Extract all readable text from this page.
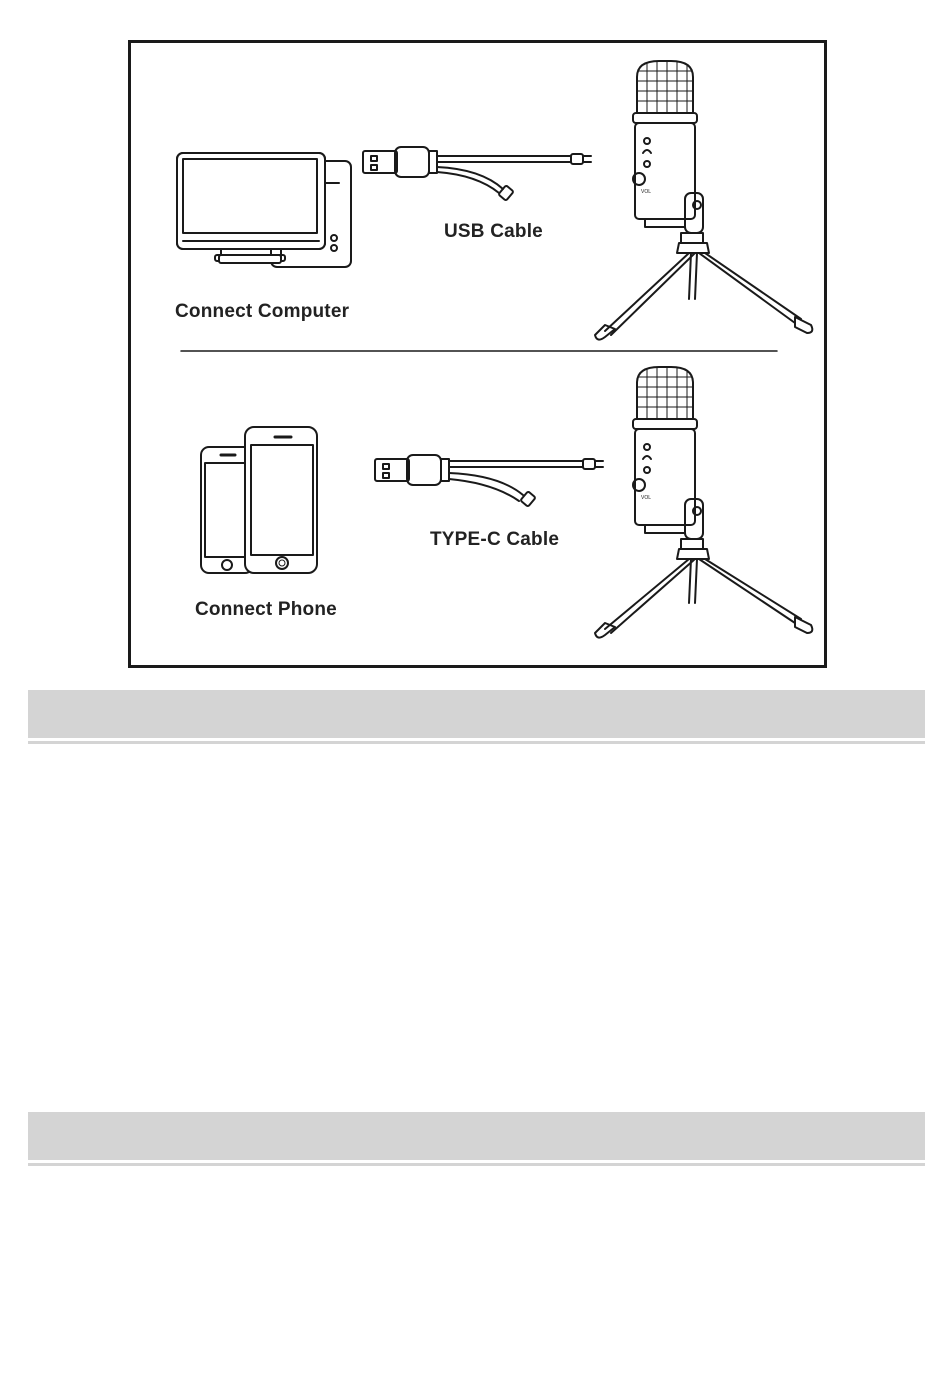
VOL
VOL
Connect Computer
USB Cable
Connect Phone
TYPE-C Cable
